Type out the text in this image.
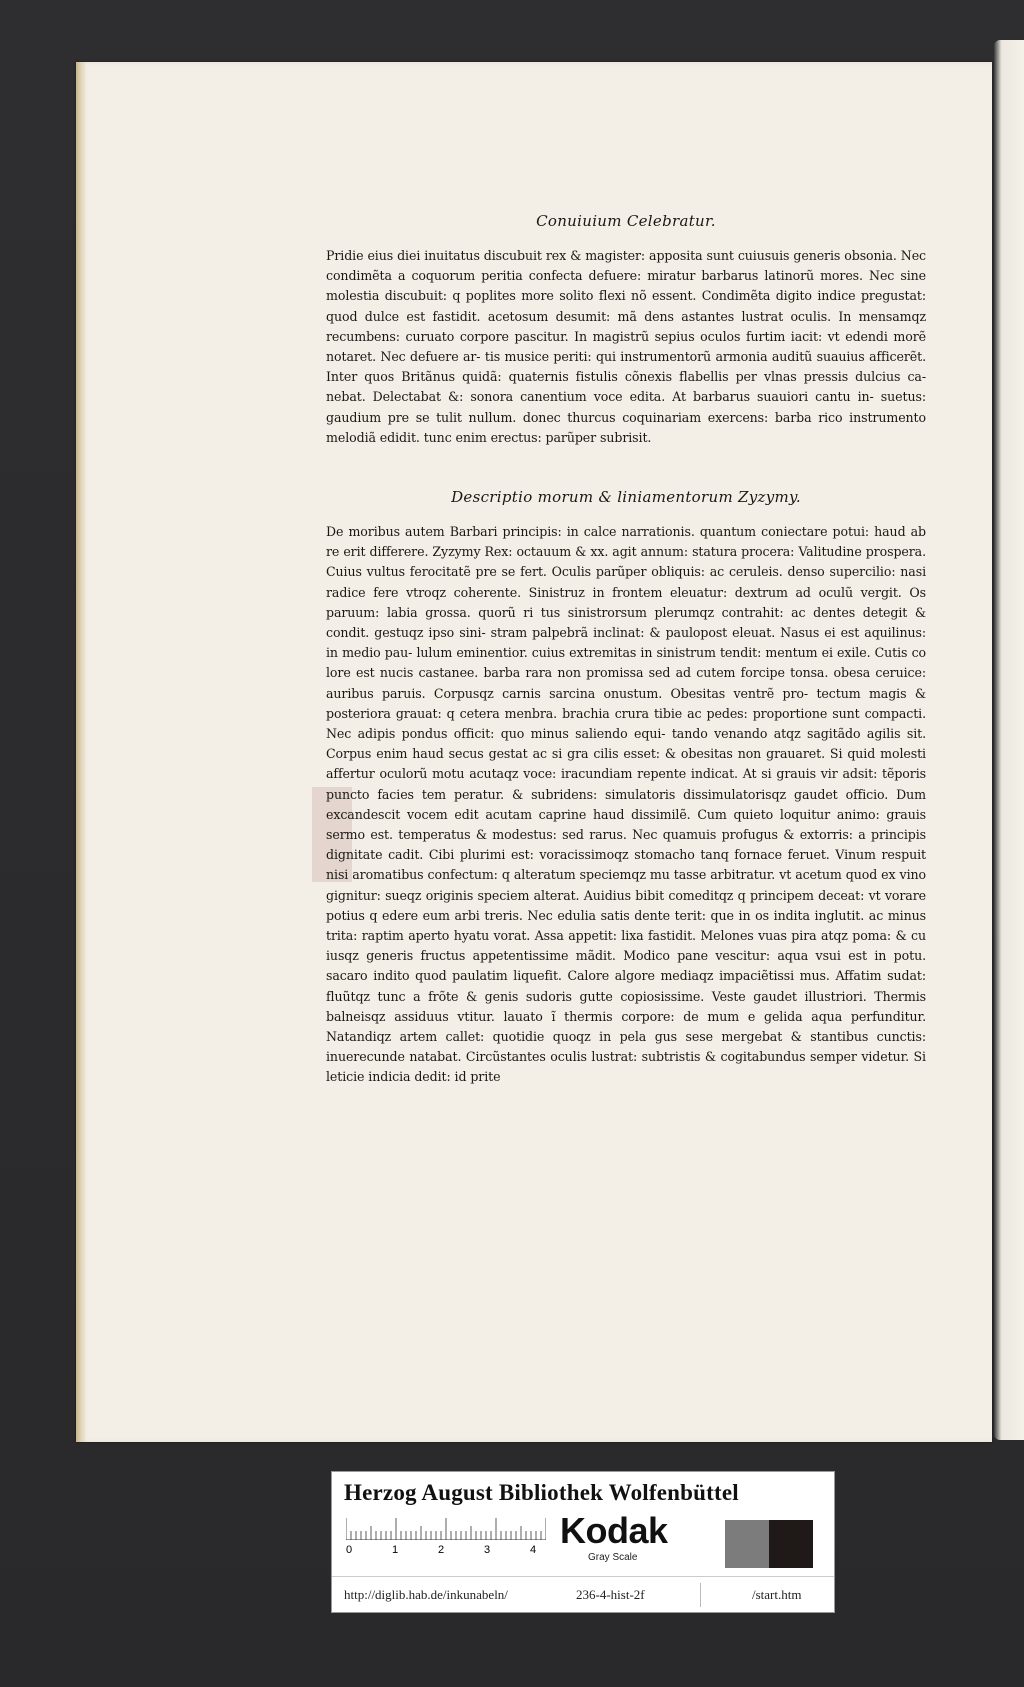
Conuiuium Celebratur.

Pridie eius diei inuitatus discubuit rex & magister: apposita sunt cuiusuis generis obsonia. Nec condimẽta a coquorum peritia confecta defuere: miratur barbarus latinorũ mores. Nec sine molestia discubuit: q poplites more solito flexi nõ essent. Condimẽta digito indice pregustat: quod dulce est fastidit. acetosum desumit: mã dens astantes lustrat oculis. In mensamqz recumbens: curuato corpore pascitur. In magistrũ sepius oculos furtim iacit: vt edendi morẽ notaret. Nec defuere ar- tis musice periti: qui instrumentorũ armonia auditũ suauius afficerẽt. Inter quos Britãnus quidã: quaternis fistulis cõnexis flabellis per vlnas pressis dulcius ca- nebat. Delectabat &: sonora canentium voce edita. At barbarus suauiori cantu in- suetus: gaudium pre se tulit nullum. donec thurcus coquinariam exercens: barba rico instrumento melodiã edidit. tunc enim erectus: parũper subrisit.

Descriptio morum & liniamentorum Zyzymy.

De moribus autem Barbari principis: in calce narrationis. quantum coniectare potui: haud ab re erit differere. Zyzymy Rex: octauum & xx. agit annum: statura procera: Valitudine prospera. Cuius vultus ferocitatẽ pre se fert. Oculis parũper obliquis: ac ceruleis. denso supercilio: nasi radice fere vtroqz coherente. Sinistruz in frontem eleuatur: dextrum ad oculũ vergit. Os paruum: labia grossa. quorũ ri tus sinistrorsum plerumqz contrahit: ac dentes detegit & condit. gestuqz ipso sini- stram palpebrã inclinat: & paulopost eleuat. Nasus ei est aquilinus: in medio pau- lulum eminentior. cuius extremitas in sinistrum tendit: mentum ei exile. Cutis co lore est nucis castanee. barba rara non promissa sed ad cutem forcipe tonsa. obesa ceruice: auribus paruis. Corpusqz carnis sarcina onustum. Obesitas ventrẽ pro- tectum magis & posteriora grauat: q cetera menbra. brachia crura tibie ac pedes: proportione sunt compacti. Nec adipis pondus officit: quo minus saliendo equi- tando venando atqz sagitãdo agilis sit. Corpus enim haud secus gestat ac si gra cilis esset: & obesitas non grauaret. Si quid molesti affertur oculorũ motu acutaqz voce: iracundiam repente indicat. At si grauis vir adsit: tẽporis puncto facies tem peratur. & subridens: simulatoris dissimulatorisqz gaudet officio. Dum excandescit vocem edit acutam caprine haud dissimilẽ. Cum quieto loquitur animo: grauis sermo est. temperatus & modestus: sed rarus. Nec quamuis profugus & extorris: a principis dignitate cadit. Cibi plurimi est: voracissimoqz stomacho tanq fornace feruet. Vinum respuit nisi aromatibus confectum: q alteratum speciemqz mu tasse arbitratur. vt acetum quod ex vino gignitur: sueqz originis speciem alterat. Auidius bibit comeditqz q principem deceat: vt vorare potius q edere eum arbi treris. Nec edulia satis dente terit: que in os indita inglutit. ac minus trita: raptim aperto hyatu vorat. Assa appetit: lixa fastidit. Melones vuas pira atqz poma: & cu iusqz generis fructus appetentissime mãdit. Modico pane vescitur: aqua vsui est in potu. sacaro indito quod paulatim liquefit. Calore algore mediaqz impaciẽtissi mus. Affatim sudat: fluũtqz tunc a frõte & genis sudoris gutte copiosissime. Veste gaudet illustriori. Thermis balneisqz assiduus vtitur. lauato ĩ thermis corpore: de mum e gelida aqua perfunditur. Natandiqz artem callet: quotidie quoqz in pela gus sese mergebat & stantibus cunctis: inuerecunde natabat. Circũstantes oculis lustrat: subtristis & cogitabundus semper videtur. Si leticie indicia dedit: id prite

Herzog August Bibliothek Wolfenbüttel
0	1	2	3	4 Kodak
Gray Scale
http://diglib.hab.de/inkunabeln/	236-4-hist-2f	/start.htm
